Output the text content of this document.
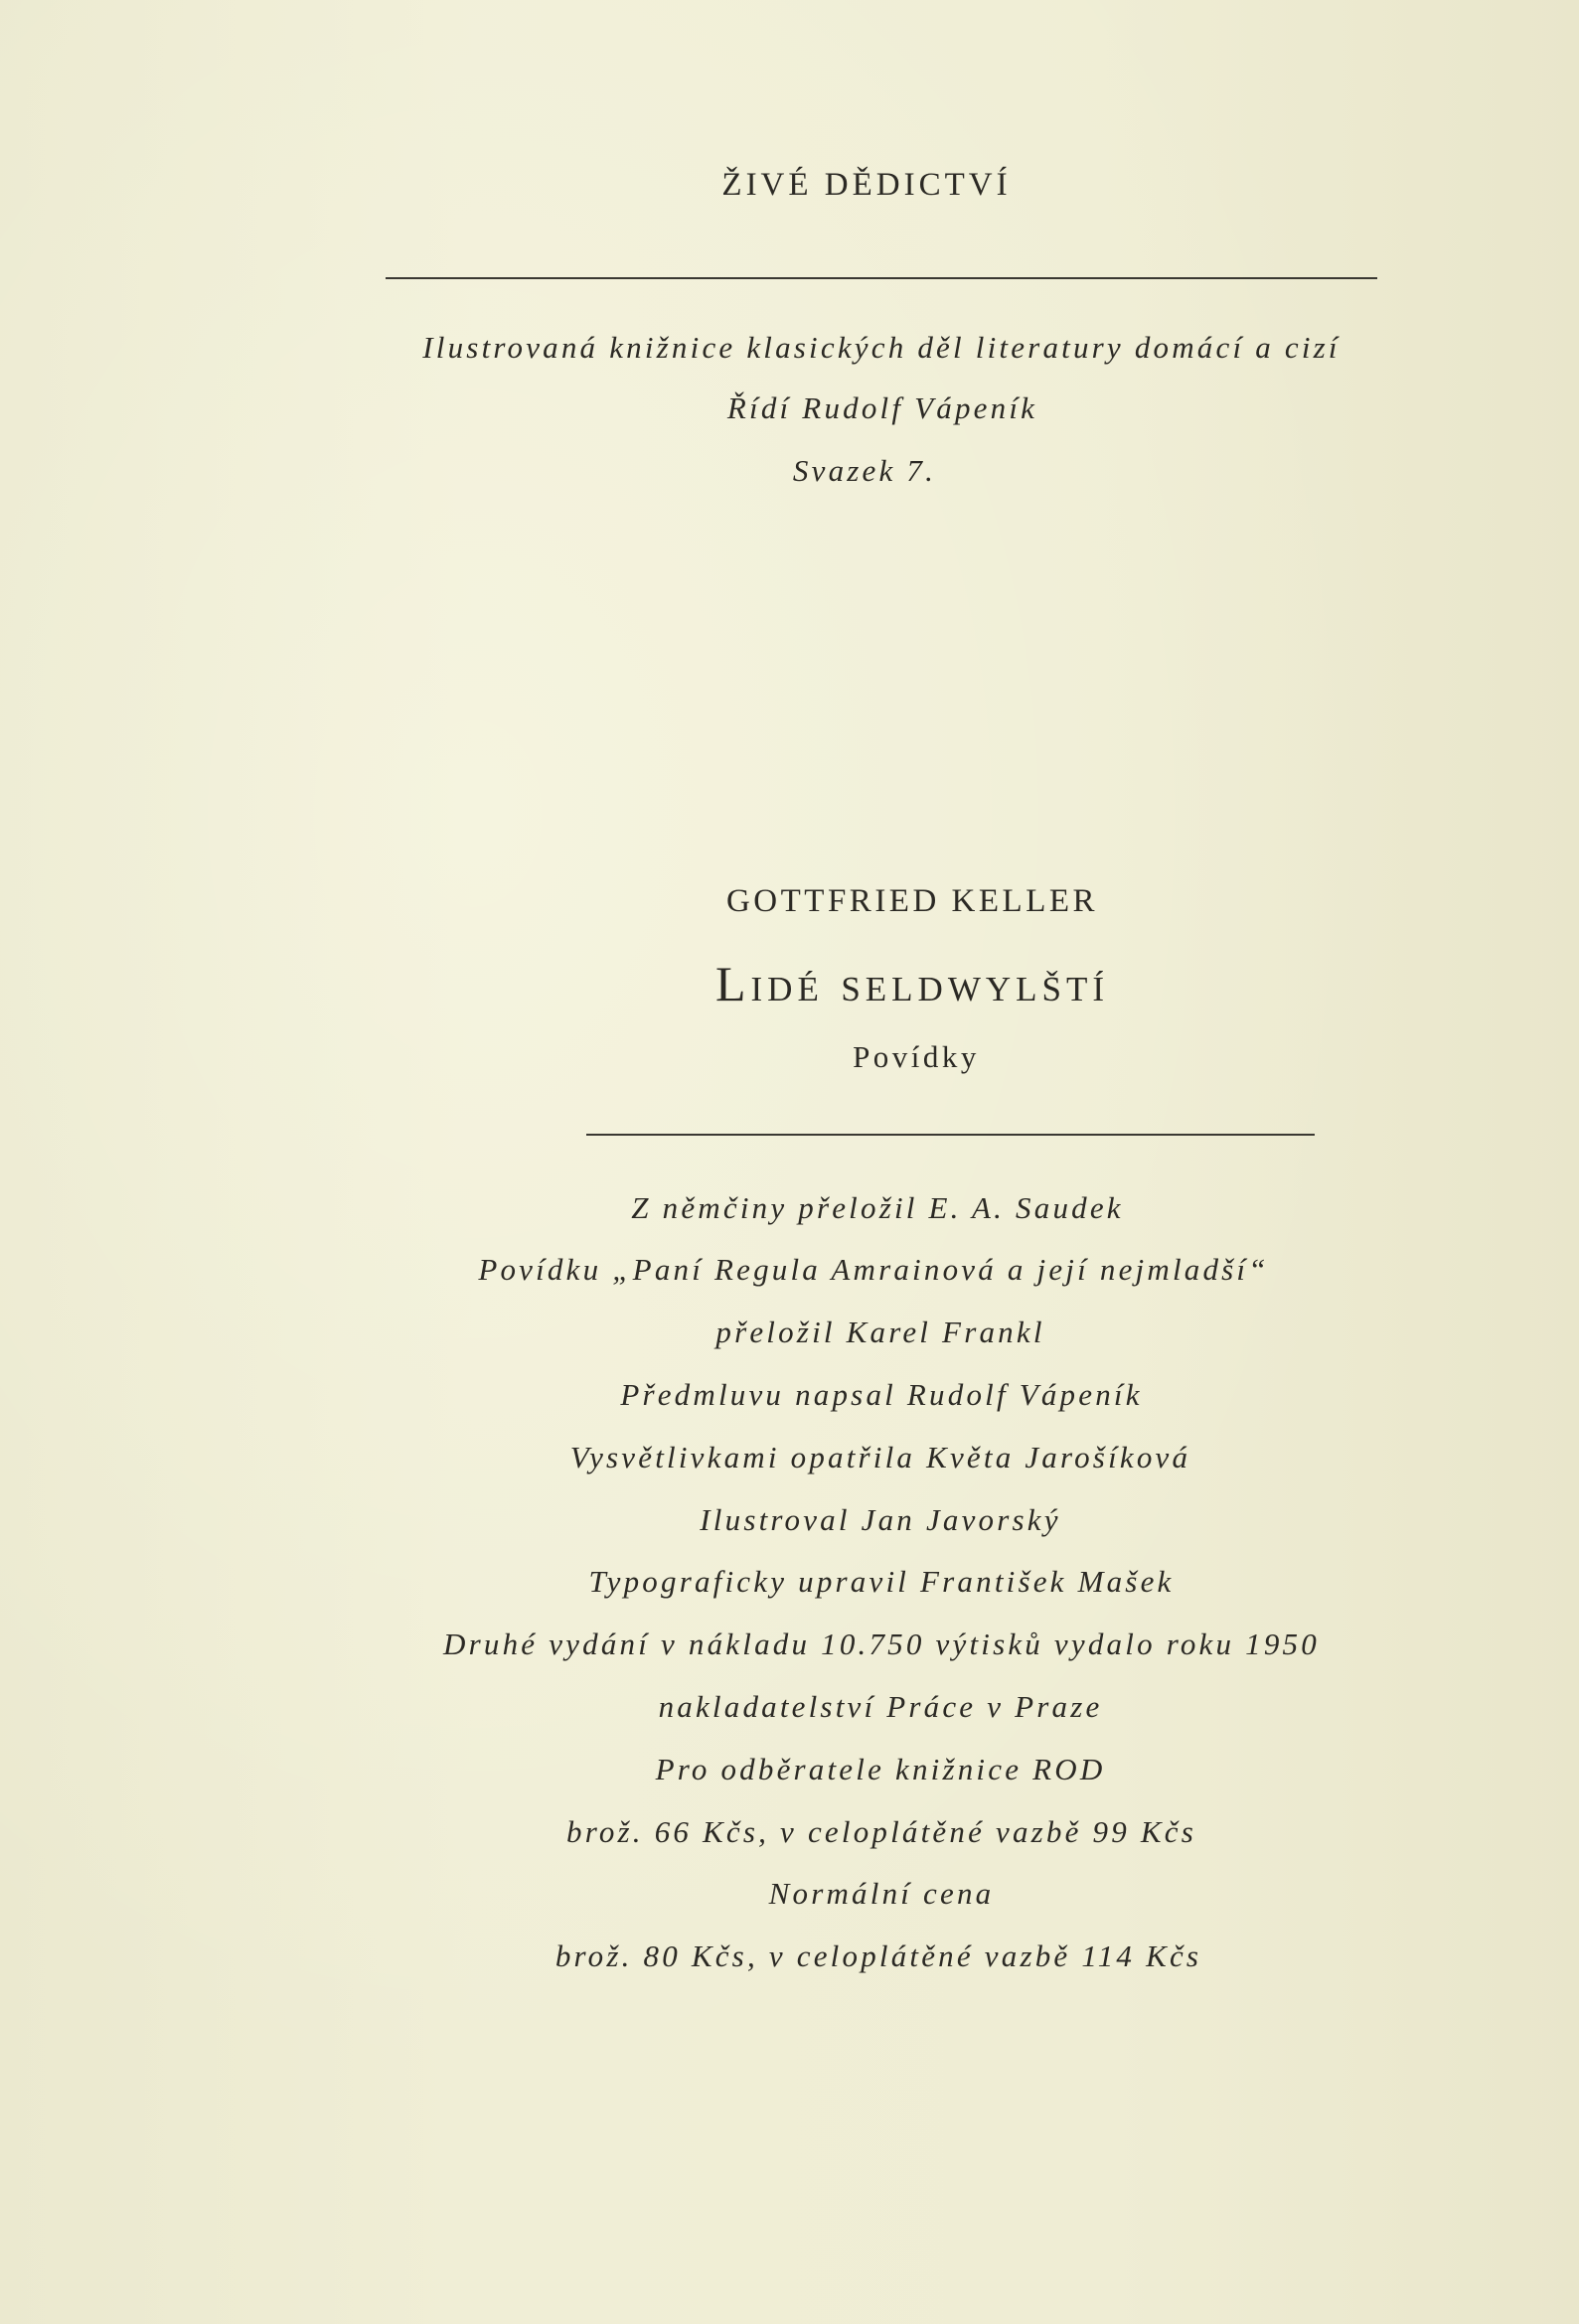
ŽIVÉ DĚDICTVÍ
Ilustrovaná knižnice klasických děl literatury domácí a cizí
Řídí Rudolf Vápeník
Svazek 7.
GOTTFRIED KELLER
Lidé seldwylští
Povídky
Z němčiny přeložil E. A. Saudek
Povídku „Paní Regula Amrainová a její nejmladší“
přeložil Karel Frankl
Předmluvu napsal Rudolf Vápeník
Vysvětlivkami opatřila Květa Jarošíková
Ilustroval Jan Javorský
Typograficky upravil František Mašek
Druhé vydání v nákladu 10.750 výtisků vydalo roku 1950
nakladatelství Práce v Praze
Pro odběratele knižnice ROD
brož. 66 Kčs, v celoplátěné vazbě 99 Kčs
Normální cena
brož. 80 Kčs, v celoplátěné vazbě 114 Kčs
